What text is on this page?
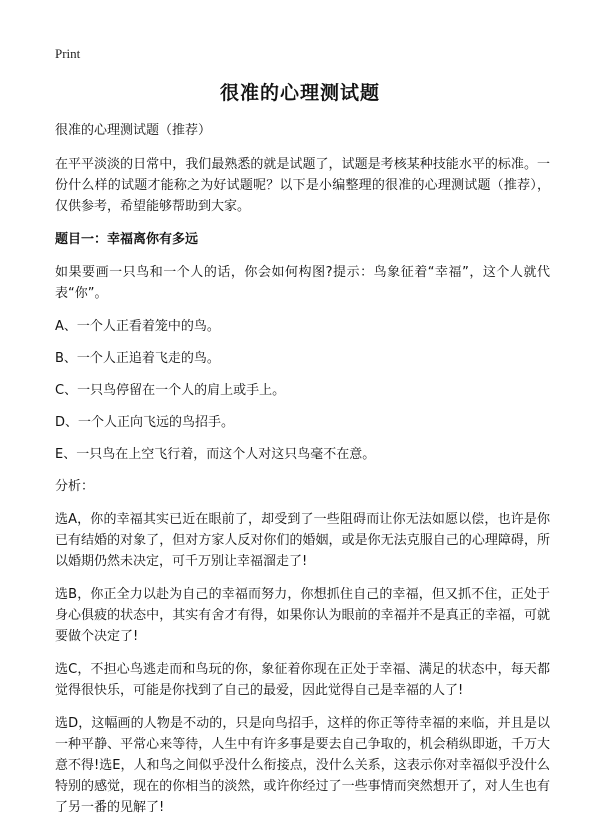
Print
很准的心理测试题

很准的心理测试题（推荐）

在平平淡淡的日常中，我们最熟悉的就是试题了，试题是考核某种技能水平的标准。一份什么样的试题才能称之为好试题呢？以下是小编整理的很准的心理测试题（推荐），仅供参考，希望能够帮助到大家。

题目一：幸福离你有多远

如果要画一只鸟和一个人的话，你会如何构图?提示：鸟象征着“幸福”，这个人就代表“你”。

A、一个人正看着笼中的鸟。

B、一个人正追着飞走的鸟。

C、一只鸟停留在一个人的肩上或手上。

D、一个人正向飞远的鸟招手。

E、一只鸟在上空飞行着，而这个人对这只鸟毫不在意。

分析：

选A，你的幸福其实已近在眼前了，却受到了一些阻碍而让你无法如愿以偿，也许是你已有结婚的对象了，但对方家人反对你们的婚姻，或是你无法克服自己的心理障碍，所以婚期仍然未决定，可千万别让幸福溜走了!

选B，你正全力以赴为自己的幸福而努力，你想抓住自己的幸福，但又抓不住，正处于身心俱疲的状态中，其实有舍才有得，如果你认为眼前的幸福并不是真正的幸福，可就要做个决定了!

选C，不担心鸟逃走而和鸟玩的你，象征着你现在正处于幸福、满足的状态中，每天都觉得很快乐，可能是你找到了自己的最爱，因此觉得自己是幸福的人了!

选D，这幅画的人物是不动的，只是向鸟招手，这样的你正等待幸福的来临，并且是以一种平静、平常心来等待，人生中有许多事是要去自己争取的，机会稍纵即逝，千万大意不得!选E，人和鸟之间似乎没什么衔接点，没什么关系，这表示你对幸福似乎没什么特别的感觉，现在的你相当的淡然，或许你经过了一些事情而突然想开了，对人生也有了另一番的见解了!
